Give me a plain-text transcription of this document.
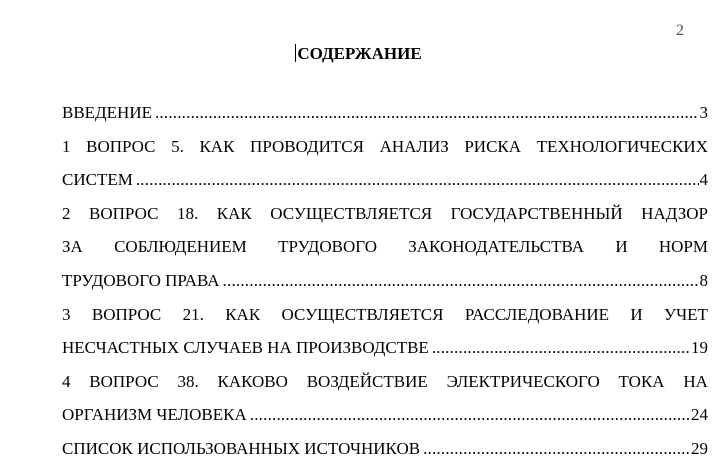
2
СОДЕРЖАНИЕ
ВВЕДЕНИЕ .....	3
1 ВОПРОС 5. КАК ПРОВОДИТСЯ АНАЛИЗ РИСКА ТЕХНОЛОГИЧЕСКИХ
СИСТЕМ .....	4
2 ВОПРОС 18. КАК ОСУЩЕСТВЛЯЕТСЯ ГОСУДАРСТВЕННЫЙ НАДЗОР
ЗА СОБЛЮДЕНИЕМ ТРУДОВОГО ЗАКОНОДАТЕЛЬСТВА И НОРМ
ТРУДОВОГО ПРАВА .....	8
3 ВОПРОС 21. КАК ОСУЩЕСТВЛЯЕТСЯ РАССЛЕДОВАНИЕ И УЧЕТ
НЕСЧАСТНЫХ СЛУЧАЕВ НА ПРОИЗВОДСТВЕ .....	19
4 ВОПРОС 38. КАКОВО ВОЗДЕЙСТВИЕ ЭЛЕКТРИЧЕСКОГО ТОКА НА
ОРГАНИЗМ ЧЕЛОВЕКА .....	24
СПИСОК ИСПОЛЬЗОВАННЫХ ИСТОЧНИКОВ .....	29
